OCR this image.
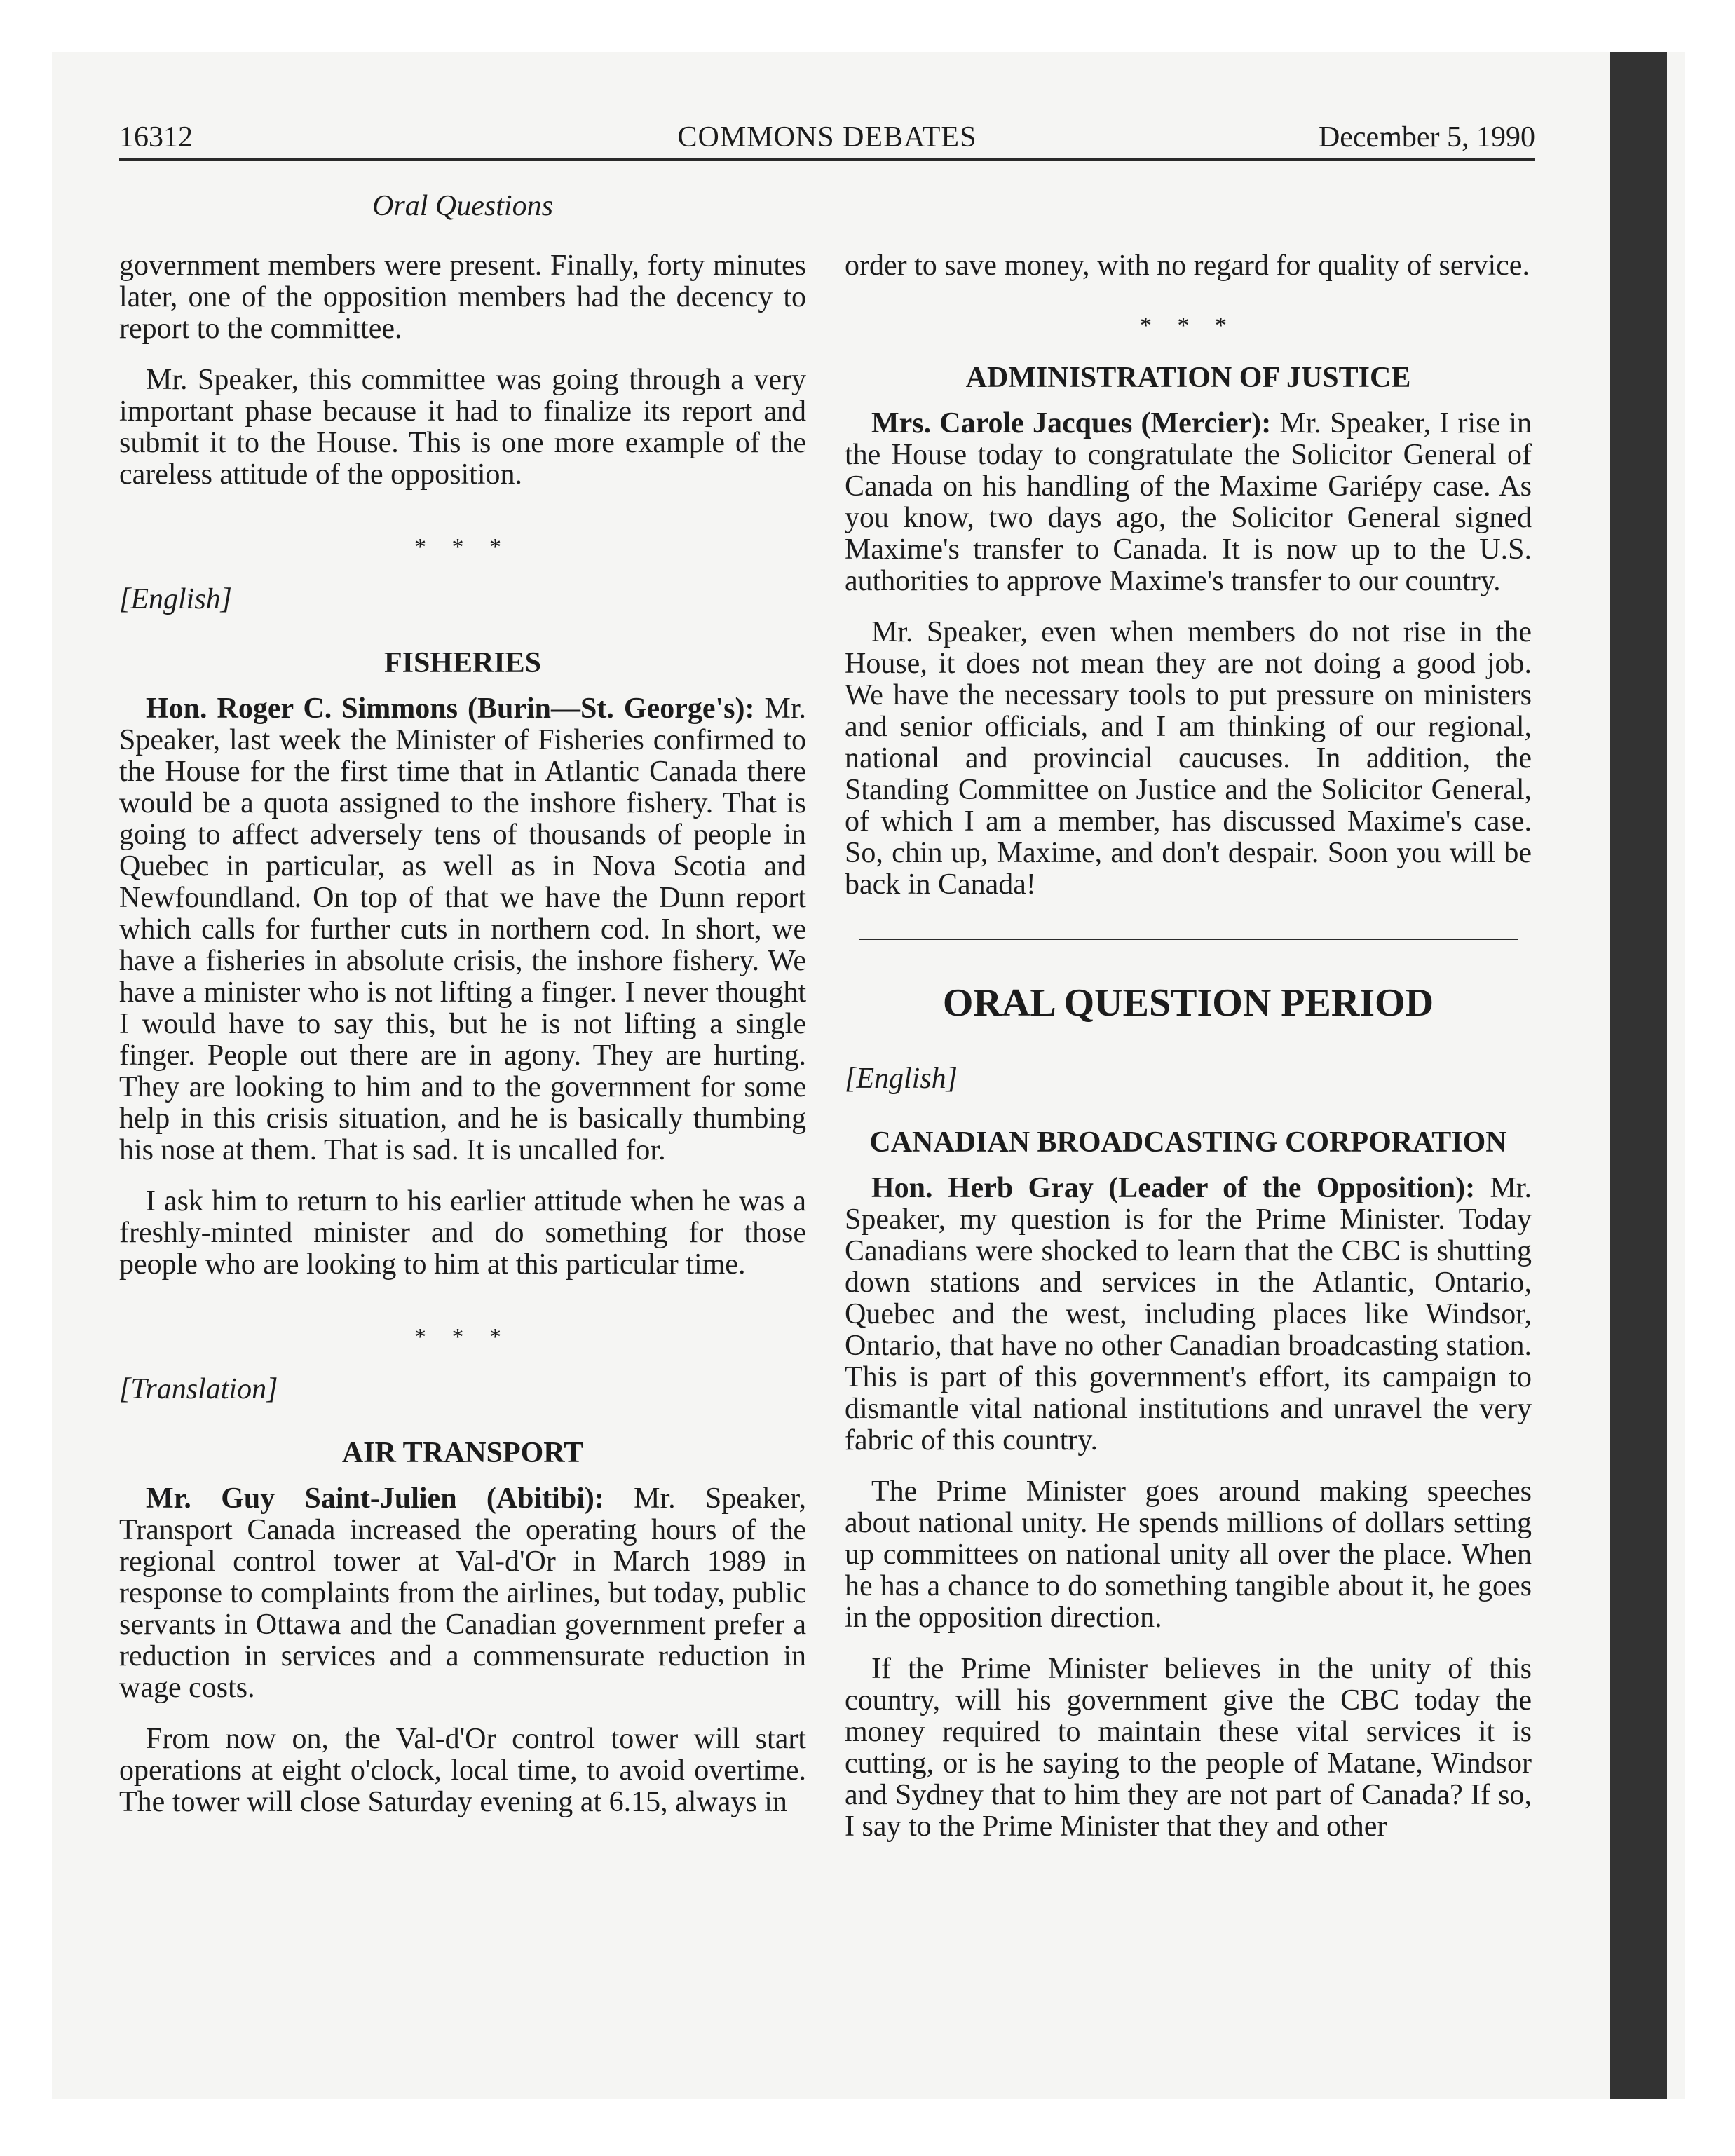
16312	COMMONS DEBATES	December 5, 1990
Oral Questions

government members were present. Finally, forty minutes later, one of the opposition members had the decency to report to the committee.

Mr. Speaker, this committee was going through a very important phase because it had to finalize its report and submit it to the House. This is one more example of the careless attitude of the opposition.

* * *
[English]
FISHERIES

Hon. Roger C. Simmons (Burin—St. George's): Mr. Speaker, last week the Minister of Fisheries confirmed to the House for the first time that in Atlantic Canada there would be a quota assigned to the inshore fishery. That is going to affect adversely tens of thousands of people in Quebec in particular, as well as in Nova Scotia and Newfoundland. On top of that we have the Dunn report which calls for further cuts in northern cod. In short, we have a fisheries in absolute crisis, the inshore fishery. We have a minister who is not lifting a finger. I never thought I would have to say this, but he is not lifting a single finger. People out there are in agony. They are hurting. They are looking to him and to the government for some help in this crisis situation, and he is basically thumbing his nose at them. That is sad. It is uncalled for.

I ask him to return to his earlier attitude when he was a freshly-minted minister and do something for those people who are looking to him at this particular time.

* * *
[Translation]
AIR TRANSPORT

Mr. Guy Saint-Julien (Abitibi): Mr. Speaker, Transport Canada increased the operating hours of the regional control tower at Val-d'Or in March 1989 in response to complaints from the airlines, but today, public servants in Ottawa and the Canadian government prefer a reduction in services and a commensurate reduction in wage costs.

From now on, the Val-d'Or control tower will start operations at eight o'clock, local time, to avoid overtime. The tower will close Saturday evening at 6.15, always in

order to save money, with no regard for quality of service.

* * *
ADMINISTRATION OF JUSTICE

Mrs. Carole Jacques (Mercier): Mr. Speaker, I rise in the House today to congratulate the Solicitor General of Canada on his handling of the Maxime Gariépy case. As you know, two days ago, the Solicitor General signed Maxime's transfer to Canada. It is now up to the U.S. authorities to approve Maxime's transfer to our country.

Mr. Speaker, even when members do not rise in the House, it does not mean they are not doing a good job. We have the necessary tools to put pressure on ministers and senior officials, and I am thinking of our regional, national and provincial caucuses. In addition, the Standing Committee on Justice and the Solicitor General, of which I am a member, has discussed Maxime's case. So, chin up, Maxime, and don't despair. Soon you will be back in Canada!

ORAL QUESTION PERIOD
[English]
CANADIAN BROADCASTING CORPORATION

Hon. Herb Gray (Leader of the Opposition): Mr. Speaker, my question is for the Prime Minister. Today Canadians were shocked to learn that the CBC is shutting down stations and services in the Atlantic, Ontario, Quebec and the west, including places like Windsor, Ontario, that have no other Canadian broadcasting station. This is part of this government's effort, its campaign to dismantle vital national institutions and unravel the very fabric of this country.

The Prime Minister goes around making speeches about national unity. He spends millions of dollars setting up committees on national unity all over the place. When he has a chance to do something tangible about it, he goes in the opposition direction.

If the Prime Minister believes in the unity of this country, will his government give the CBC today the money required to maintain these vital services it is cutting, or is he saying to the people of Matane, Windsor and Sydney that to him they are not part of Canada? If so, I say to the Prime Minister that they and other
